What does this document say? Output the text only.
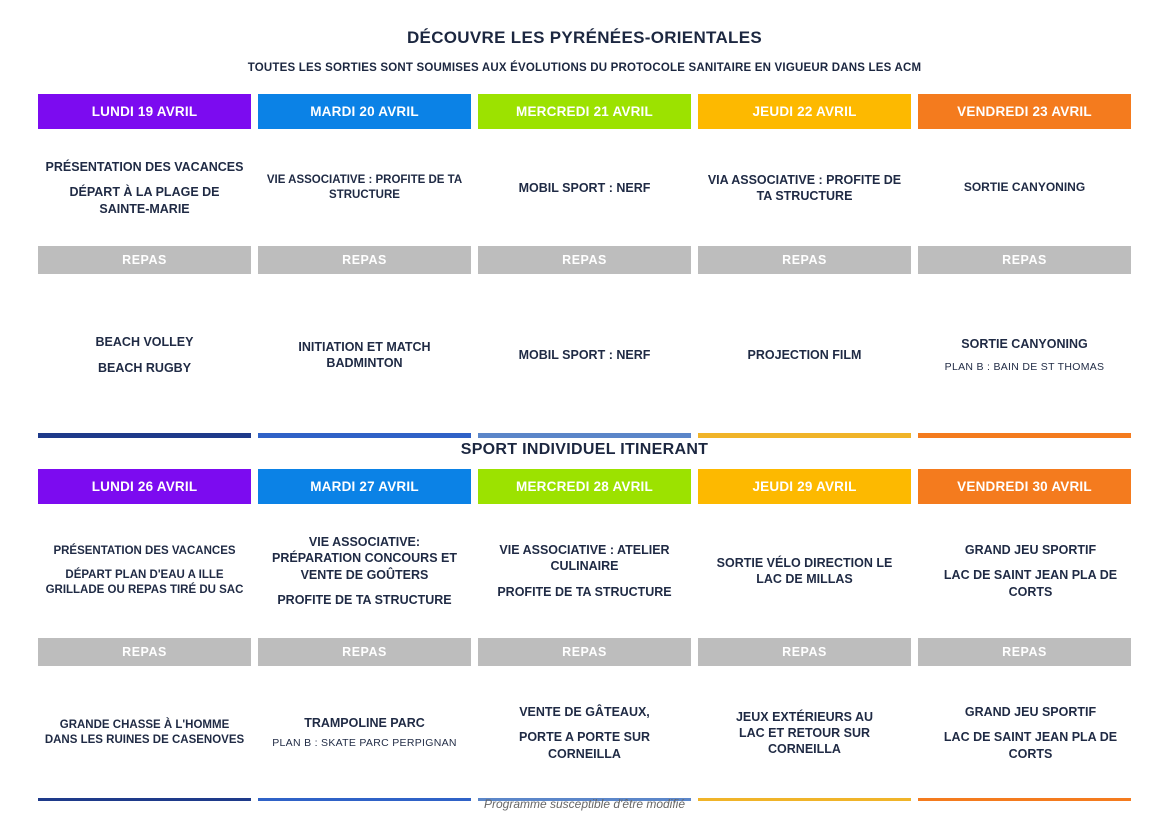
DÉCOUVRE LES PYRÉNÉES-ORIENTALES
TOUTES LES SORTIES SONT SOUMISES AUX ÉVOLUTIONS DU PROTOCOLE SANITAIRE EN VIGUEUR DANS LES ACM
LUNDI 19 AVRIL
PRÉSENTATION DES VACANCES
DÉPART À LA PLAGE DE SAINTE-MARIE
REPAS
BEACH VOLLEY
BEACH RUGBY
MARDI 20 AVRIL
VIE ASSOCIATIVE : PROFITE DE TA STRUCTURE
REPAS
INITIATION ET MATCH BADMINTON
MERCREDI 21 AVRIL
MOBIL SPORT : NERF
REPAS
MOBIL SPORT : NERF
JEUDI 22 AVRIL
VIA ASSOCIATIVE : PROFITE DE TA STRUCTURE
REPAS
PROJECTION FILM
VENDREDI 23 AVRIL
SORTIE CANYONING
REPAS
SORTIE CANYONING
PLAN B : BAIN DE ST THOMAS
SPORT INDIVIDUEL ITINERANT
LUNDI 26 AVRIL
PRÉSENTATION DES VACANCES
DÉPART PLAN D'EAU A ILLE GRILLADE OU REPAS TIRÉ DU SAC
REPAS
GRANDE CHASSE À L'HOMME DANS LES RUINES DE CASENOVES
MARDI 27 AVRIL
VIE ASSOCIATIVE: PRÉPARATION CONCOURS ET VENTE DE GOÛTERS
PROFITE DE TA STRUCTURE
REPAS
TRAMPOLINE PARC
PLAN B : SKATE PARC PERPIGNAN
MERCREDI 28 AVRIL
VIE ASSOCIATIVE : ATELIER CULINAIRE
PROFITE DE TA STRUCTURE
REPAS
VENTE DE GÂTEAUX,
PORTE A PORTE SUR CORNEILLA
JEUDI 29 AVRIL
SORTIE VÉLO DIRECTION LE LAC DE MILLAS
REPAS
JEUX EXTÉRIEURS AU LAC ET RETOUR SUR CORNEILLA
VENDREDI 30 AVRIL
GRAND JEU SPORTIF
LAC DE SAINT JEAN PLA DE CORTS
REPAS
GRAND JEU SPORTIF
LAC DE SAINT JEAN PLA DE CORTS
Programme susceptible d'être modifié
